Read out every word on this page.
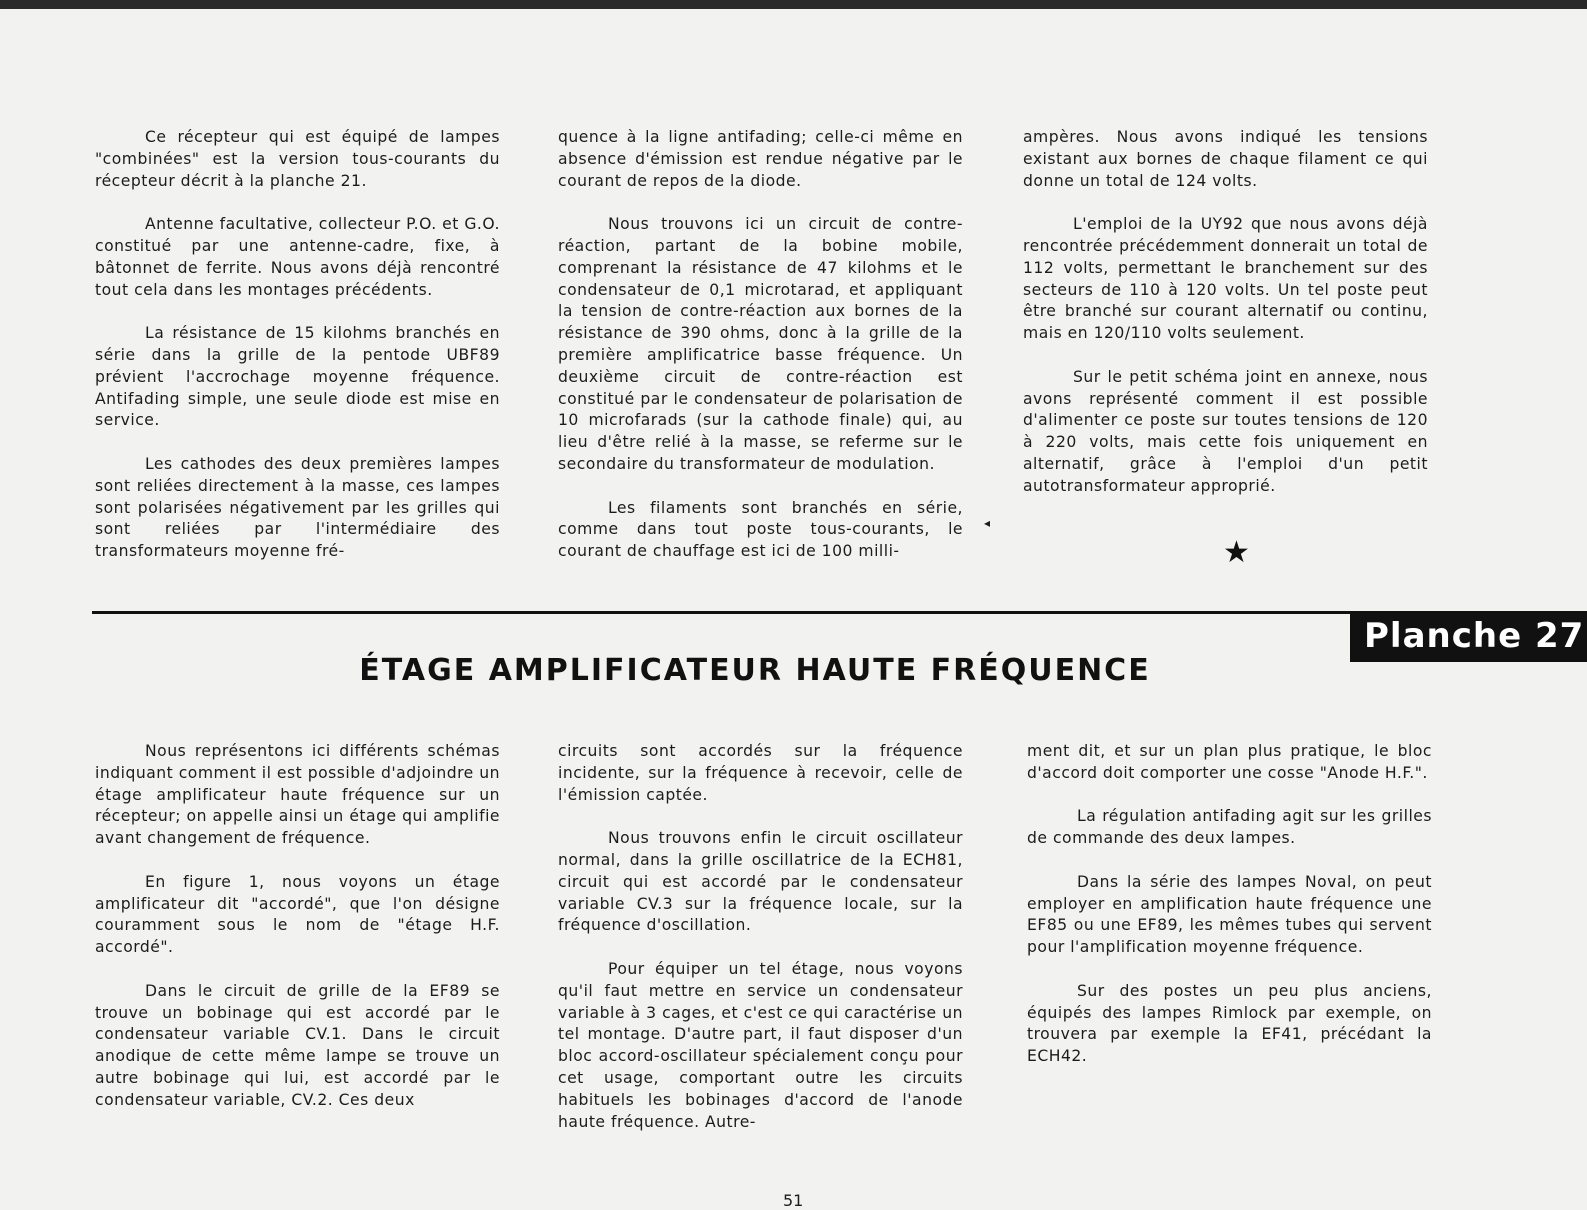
Ce récepteur qui est équipé de lampes "combinées" est la version tous-courants du récepteur décrit à la planche 21.

Antenne facultative, collecteur P.O. et G.O. constitué par une antenne-cadre, fixe, à bâtonnet de ferrite. Nous avons déjà rencontré tout cela dans les montages précédents.

La résistance de 15 kilohms branchés en série dans la grille de la pentode UBF89 prévient l'accrochage moyenne fréquence. Antifading simple, une seule diode est mise en service.

Les cathodes des deux premières lampes sont reliées directement à la masse, ces lampes sont polarisées négativement par les grilles qui sont reliées par l'intermédiaire des transformateurs moyenne fré-

quence à la ligne antifading; celle-ci même en absence d'émission est rendue négative par le courant de repos de la diode.

Nous trouvons ici un circuit de contre-réaction, partant de la bobine mobile, comprenant la résistance de 47 kilohms et le condensateur de 0,1 microtarad, et appliquant la tension de contre-réaction aux bornes de la résistance de 390 ohms, donc à la grille de la première amplificatrice basse fréquence. Un deuxième circuit de contre-réaction est constitué par le condensateur de polarisation de 10 microfarads (sur la cathode finale) qui, au lieu d'être relié à la masse, se referme sur le secondaire du transformateur de modulation.

Les filaments sont branchés en série, comme dans tout poste tous-courants, le courant de chauffage est ici de 100 milli-

ampères. Nous avons indiqué les tensions existant aux bornes de chaque filament ce qui donne un total de 124 volts.

L'emploi de la UY92 que nous avons déjà rencontrée précédemment donnerait un total de 112 volts, permettant le branchement sur des secteurs de 110 à 120 volts. Un tel poste peut être branché sur courant alternatif ou continu, mais en 120/110 volts seulement.

Sur le petit schéma joint en annexe, nous avons représenté comment il est possible d'alimenter ce poste sur toutes tensions de 120 à 220 volts, mais cette fois uniquement en alternatif, grâce à l'emploi d'un petit autotransformateur approprié.

★
◂
Planche 27
ÉTAGE AMPLIFICATEUR HAUTE FRÉQUENCE

Nous représentons ici différents schémas indiquant comment il est possible d'adjoindre un étage amplificateur haute fréquence sur un récepteur; on appelle ainsi un étage qui amplifie avant changement de fréquence.

En figure 1, nous voyons un étage amplificateur dit "accordé", que l'on désigne couramment sous le nom de "étage H.F. accordé".

Dans le circuit de grille de la EF89 se trouve un bobinage qui est accordé par le condensateur variable CV.1. Dans le circuit anodique de cette même lampe se trouve un autre bobinage qui lui, est accordé par le condensateur variable, CV.2. Ces deux

circuits sont accordés sur la fréquence incidente, sur la fréquence à recevoir, celle de l'émission captée.

Nous trouvons enfin le circuit oscillateur normal, dans la grille oscillatrice de la ECH81, circuit qui est accordé par le condensateur variable CV.3 sur la fréquence locale, sur la fréquence d'oscillation.

Pour équiper un tel étage, nous voyons qu'il faut mettre en service un condensateur variable à 3 cages, et c'est ce qui caractérise un tel montage. D'autre part, il faut disposer d'un bloc accord-oscillateur spécialement conçu pour cet usage, comportant outre les circuits habituels les bobinages d'accord de l'anode haute fréquence. Autre-

ment dit, et sur un plan plus pratique, le bloc d'accord doit comporter une cosse "Anode H.F.".

La régulation antifading agit sur les grilles de commande des deux lampes.

Dans la série des lampes Noval, on peut employer en amplification haute fréquence une EF85 ou une EF89, les mêmes tubes qui servent pour l'amplification moyenne fréquence.

Sur des postes un peu plus anciens, équipés des lampes Rimlock par exemple, on trouvera par exemple la EF41, précédant la ECH42.

51
